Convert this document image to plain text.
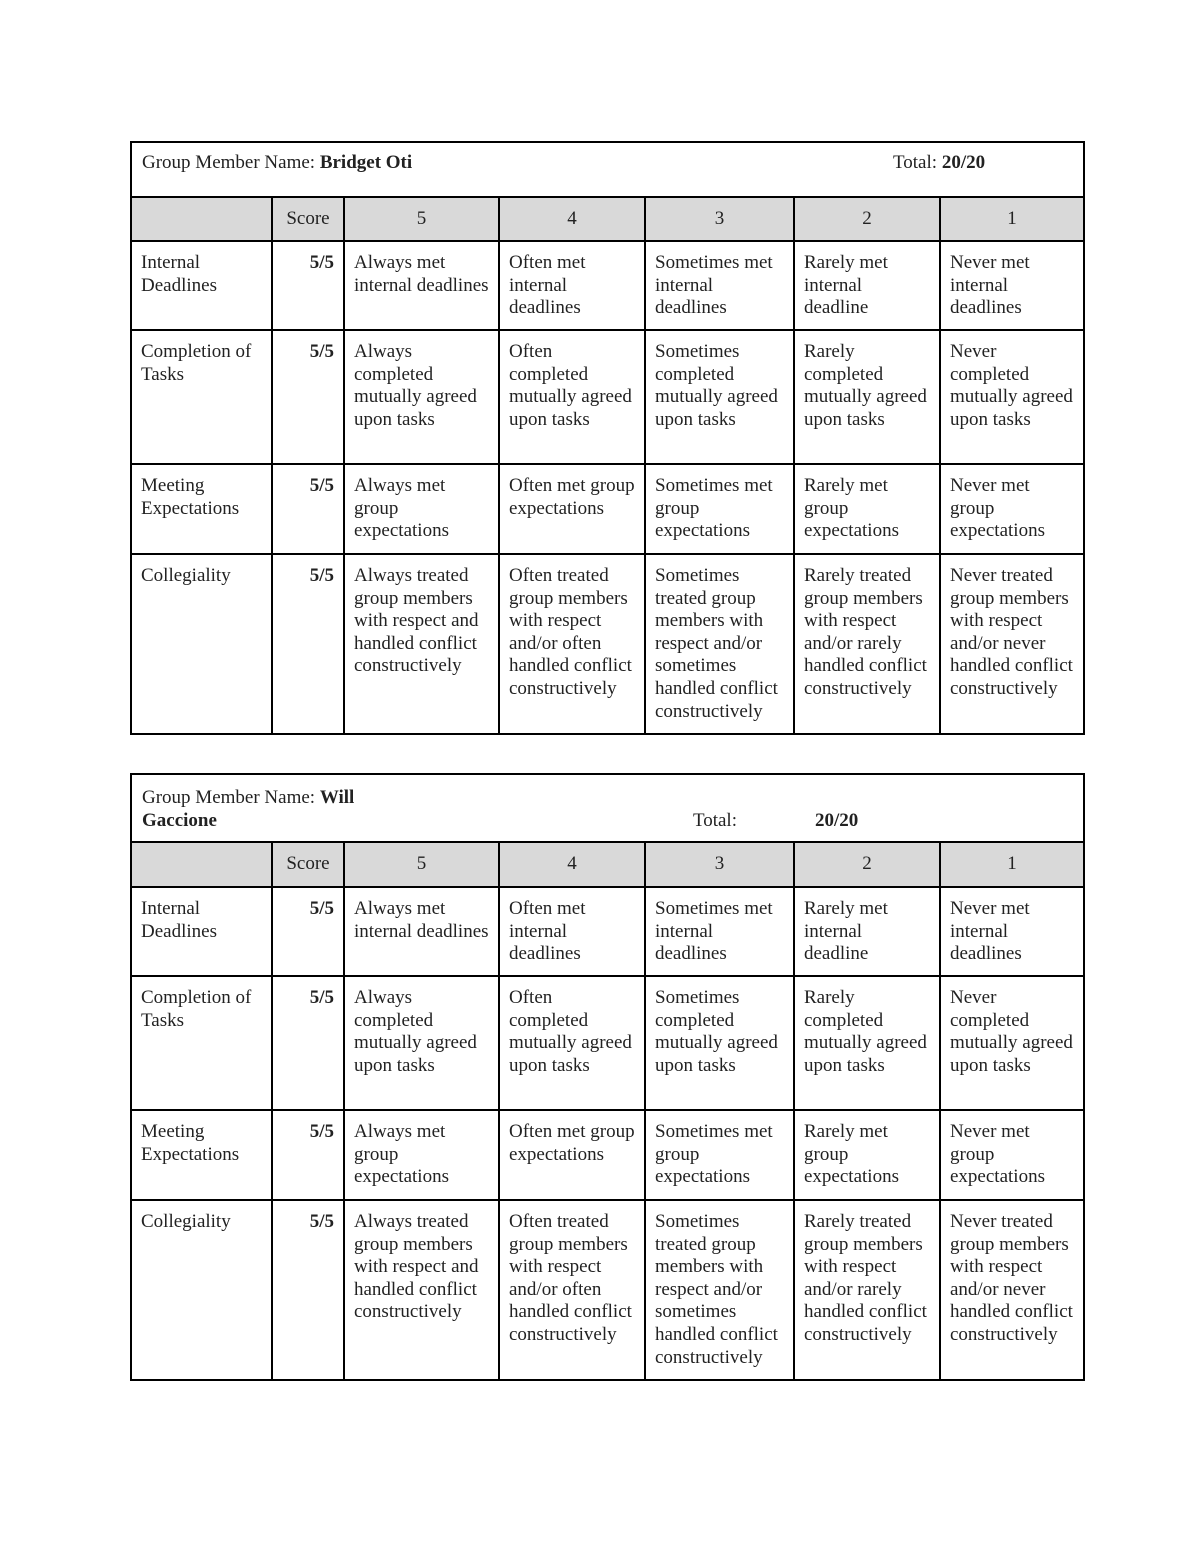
Group Member Name: Bridget Oti Total: 20/20						

	Score	5	4	3	2	1
Internal Deadlines	5/5	Always met internal deadlines	Often met internal deadlines	Sometimes met internal deadlines	Rarely met internal deadline	Never met internal deadlines
Completion of Tasks	5/5	Always completed mutually agreed upon tasks	Often completed mutually agreed upon tasks	Sometimes completed mutually agreed upon tasks	Rarely completed mutually agreed upon tasks	Never completed mutually agreed upon tasks
Meeting Expectations	5/5	Always met group expectations	Often met group expectations	Sometimes met group expectations	Rarely met group expectations	Never met group expectations
Collegiality	5/5	Always treated group members with respect and handled conflict constructively	Often treated group members with respect and/or often handled conflict constructively	Sometimes treated group members with respect and/or sometimes handled conflict constructively	Rarely treated group members with respect and/or rarely handled conflict constructively	Never treated group members with respect and/or never handled conflict constructively
Group Member Name: Will
Gaccione Total: 20/20						

	Score	5	4	3	2	1
Internal Deadlines	5/5	Always met internal deadlines	Often met internal deadlines	Sometimes met internal deadlines	Rarely met internal deadline	Never met internal deadlines
Completion of Tasks	5/5	Always completed mutually agreed upon tasks	Often completed mutually agreed upon tasks	Sometimes completed mutually agreed upon tasks	Rarely completed mutually agreed upon tasks	Never completed mutually agreed upon tasks
Meeting Expectations	5/5	Always met group expectations	Often met group expectations	Sometimes met group expectations	Rarely met group expectations	Never met group expectations
Collegiality	5/5	Always treated group members with respect and handled conflict constructively	Often treated group members with respect and/or often handled conflict constructively	Sometimes treated group members with respect and/or sometimes handled conflict constructively	Rarely treated group members with respect and/or rarely handled conflict constructively	Never treated group members with respect and/or never handled conflict constructively
